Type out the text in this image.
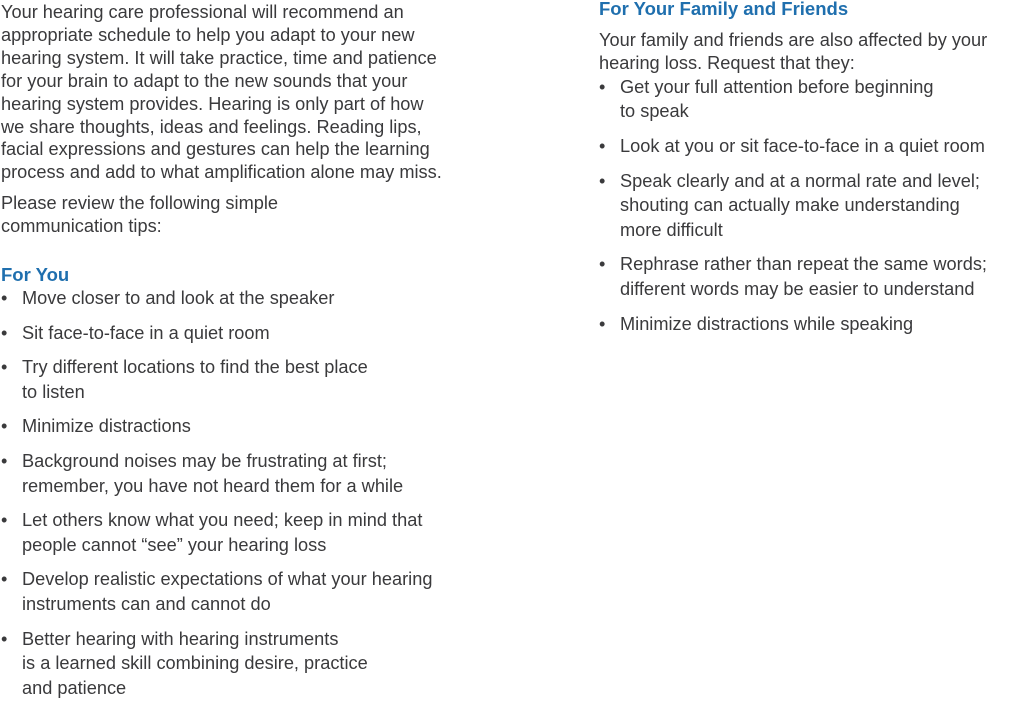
Your hearing care professional will recommend an
appropriate schedule to help you adapt to your new
hearing system. It will take practice, time and patience
for your brain to adapt to the new sounds that your
hearing system provides. Hearing is only part of how
we share thoughts, ideas and feelings. Reading lips,
facial expressions and gestures can help the learning
process and add to what amplification alone may miss.

Please review the following simple
communication tips:

For You
• Move closer to and look at the speaker
• Sit face-to-face in a quiet room
• Try different locations to find the best place
to listen
• Minimize distractions
• Background noises may be frustrating at first;
remember, you have not heard them for a while
• Let others know what you need; keep in mind that
people cannot “see” your hearing loss
• Develop realistic expectations of what your hearing
instruments can and cannot do
• Better hearing with hearing instruments
is a learned skill combining desire, practice
and patience
For Your Family and Friends

Your family and friends are also affected by your
hearing loss. Request that they:

• Get your full attention before beginning
to speak
• Look at you or sit face-to-face in a quiet room
• Speak clearly and at a normal rate and level;
shouting can actually make understanding
more difficult
• Rephrase rather than repeat the same words;
different words may be easier to understand
• Minimize distractions while speaking
